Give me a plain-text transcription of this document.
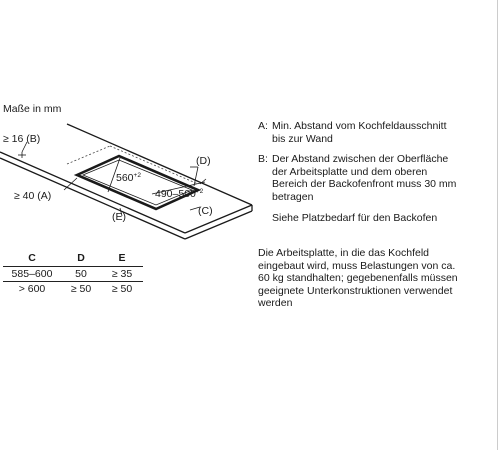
Maße in mm
≥ 16 (B)
≥ 40 (A)
(D)
(C)
(E)
$560^{+2}$
$490-500^{+2}$
C	D	E
585–600	50	≥ 35
> 600	≥ 50	≥ 50
A: Min. Abstand vom Kochfeldausschnitt
bis zur Wand
B: Der Abstand zwischen der Oberfläche
der Arbeitsplatte und dem oberen
Bereich der Backofenfront muss 30 mm
betragen
Siehe Platzbedarf für den Backofen
Die Arbeitsplatte, in die das Kochfeld
eingebaut wird, muss Belastungen von ca.
60 kg standhalten; gegebenenfalls müssen
geeignete Unterkonstruktionen verwendet
werden
